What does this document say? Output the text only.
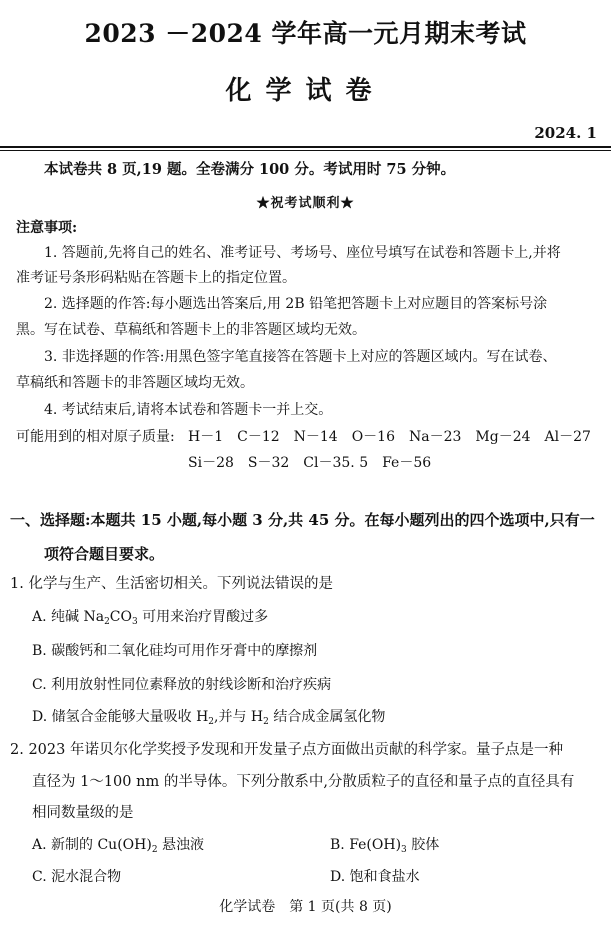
2023 －2024 学年高一元月期末考试
化学试卷
2024. 1
本试卷共 8 页,19 题。全卷满分 100 分。考试用时 75 分钟。
★祝考试顺利★
注意事项:
1. 答题前,先将自己的姓名、准考证号、考场号、座位号填写在试卷和答题卡上,并将
准考证号条形码粘贴在答题卡上的指定位置。
2. 选择题的作答:每小题选出答案后,用 2B 铅笔把答题卡上对应题目的答案标号涂
黑。写在试卷、草稿纸和答题卡上的非答题区域均无效。
3. 非选择题的作答:用黑色签字笔直接答在答题卡上对应的答题区域内。写在试卷、
草稿纸和答题卡的非答题区域均无效。
4. 考试结束后,请将本试卷和答题卡一并上交。
可能用到的相对原子质量: H－1　C－12　N－14　O－16　Na－23　Mg－24　Al－27
Si－28　S－32　Cl－35. 5　Fe－56
一、选择题:本题共 15 小题,每小题 3 分,共 45 分。在每小题列出的四个选项中,只有一
项符合题目要求。
1. 化学与生产、生活密切相关。下列说法错误的是
A. 纯碱 $Na_2CO_3$ 可用来治疗胃酸过多
B. 碳酸钙和二氧化硅均可用作牙膏中的摩擦剂
C. 利用放射性同位素释放的射线诊断和治疗疾病
D. 储氢合金能够大量吸收 $H_2$,并与 $H_2$ 结合成金属氢化物
2. 2023 年诺贝尔化学奖授予发现和开发量子点方面做出贡献的科学家。量子点是一种
直径为 1～100 nm 的半导体。下列分散系中,分散质粒子的直径和量子点的直径具有
相同数量级的是
A. 新制的 $Cu(OH)_2$ 悬浊液	B. $Fe(OH)_3$ 胶体
C. 泥水混合物	D. 饱和食盐水
化学试卷　第 1 页(共 8 页)
